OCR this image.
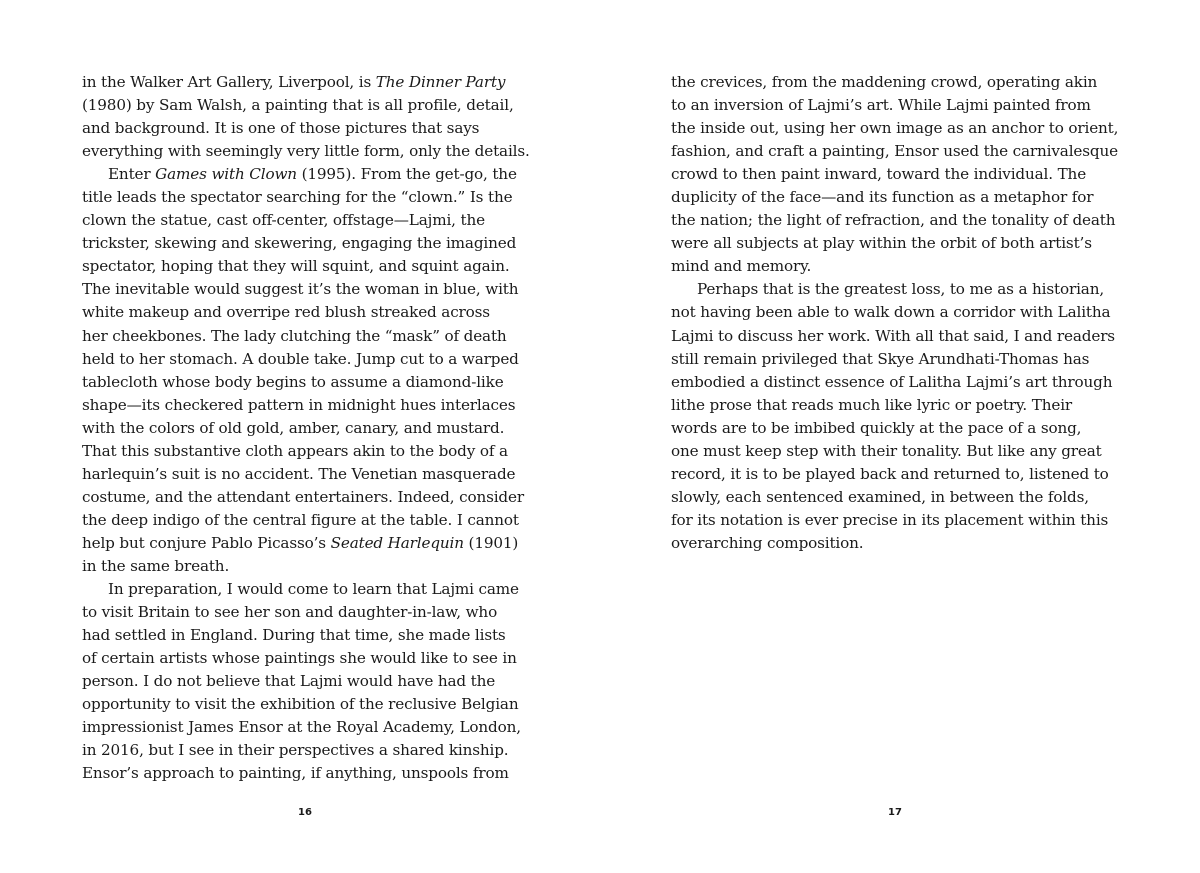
in the Walker Art Gallery, Liverpool, is The Dinner Party
(1980) by Sam Walsh, a painting that is all profile, detail,
and background. It is one of those pictures that says
everything with seemingly very little form, only the details.
Enter Games with Clown (1995). From the get-go, the
title leads the spectator searching for the “clown.” Is the
clown the statue, cast off-center, offstage—Lajmi, the
trickster, skewing and skewering, engaging the imagined
spectator, hoping that they will squint, and squint again.
The inevitable would suggest it’s the woman in blue, with
white makeup and overripe red blush streaked across
her cheekbones. The lady clutching the “mask” of death
held to her stomach. A double take. Jump cut to a warped
tablecloth whose body begins to assume a diamond-like
shape—its checkered pattern in midnight hues interlaces
with the colors of old gold, amber, canary, and mustard.
That this substantive cloth appears akin to the body of a
harlequin’s suit is no accident. The Venetian masquerade
costume, and the attendant entertainers. Indeed, consider
the deep indigo of the central figure at the table. I cannot
help but conjure Pablo Picasso’s Seated Harlequin (1901)
in the same breath.
In preparation, I would come to learn that Lajmi came
to visit Britain to see her son and daughter-in-law, who
had settled in England. During that time, she made lists
of certain artists whose paintings she would like to see in
person. I do not believe that Lajmi would have had the
opportunity to visit the exhibition of the reclusive Belgian
impressionist James Ensor at the Royal Academy, London,
in 2016, but I see in their perspectives a shared kinship.
Ensor’s approach to painting, if anything, unspools from
16
the crevices, from the maddening crowd, operating akin
to an inversion of Lajmi’s art. While Lajmi painted from
the inside out, using her own image as an anchor to orient,
fashion, and craft a painting, Ensor used the carnivalesque
crowd to then paint inward, toward the individual. The
duplicity of the face—and its function as a metaphor for
the nation; the light of refraction, and the tonality of death
were all subjects at play within the orbit of both artist’s
mind and memory.
Perhaps that is the greatest loss, to me as a historian,
not having been able to walk down a corridor with Lalitha
Lajmi to discuss her work. With all that said, I and readers
still remain privileged that Skye Arundhati-Thomas has
embodied a distinct essence of Lalitha Lajmi’s art through
lithe prose that reads much like lyric or poetry. Their
words are to be imbibed quickly at the pace of a song,
one must keep step with their tonality. But like any great
record, it is to be played back and returned to, listened to
slowly, each sentenced examined, in between the folds,
for its notation is ever precise in its placement within this
overarching composition.
17
